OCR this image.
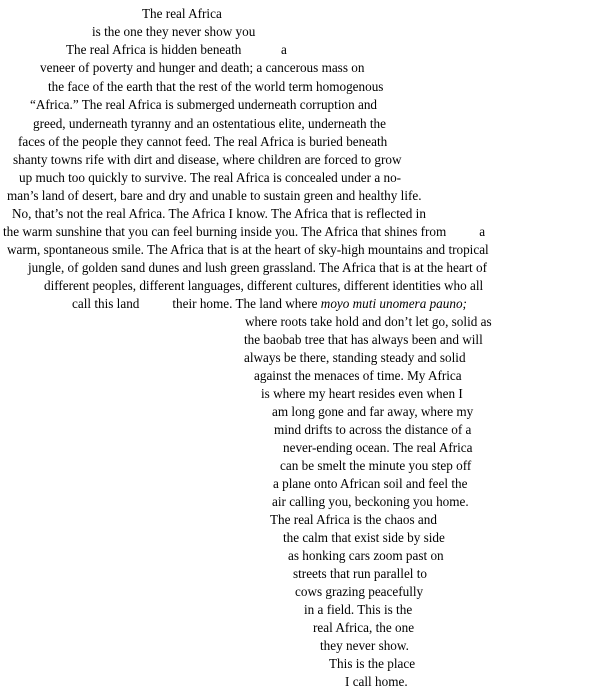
The real Africa
is the one they never show you
The real Africa is hidden beneath            a
veneer of poverty and hunger and death; a cancerous mass on
the face of the earth that the rest of the world term homogenous
“Africa.” The real Africa is submerged underneath corruption and
greed, underneath tyranny and an ostentatious elite, underneath the
faces of the people they cannot feed. The real Africa is buried beneath
shanty towns rife with dirt and disease, where children are forced to grow
up much too quickly to survive. The real Africa is concealed under a no-
man’s land of desert, bare and dry and unable to sustain green and healthy life.
No, that’s not the real Africa. The Africa I know. The Africa that is reflected in
the warm sunshine that you can feel burning inside you. The Africa that shines from          a
warm, spontaneous smile. The Africa that is at the heart of sky-high mountains and tropical
jungle, of golden sand dunes and lush green grassland. The Africa that is at the heart of
different peoples, different languages, different cultures, different identities who all
call this land          their home. The land where moyo muti unomera pauno;
where roots take hold and don’t let go, solid as
the baobab tree that has always been and will
always be there, standing steady and solid
against the menaces of time. My Africa
is where my heart resides even when I
am long gone and far away, where my
mind drifts to across the distance of a
never-ending ocean. The real Africa
can be smelt the minute you step off
a plane onto African soil and feel the
air calling you, beckoning you home.
The real Africa is the chaos and
the calm that exist side by side
as honking cars zoom past on
streets that run parallel to
cows grazing peacefully
in a field. This is the
real Africa, the one
they never show.
This is the place
I call home.
